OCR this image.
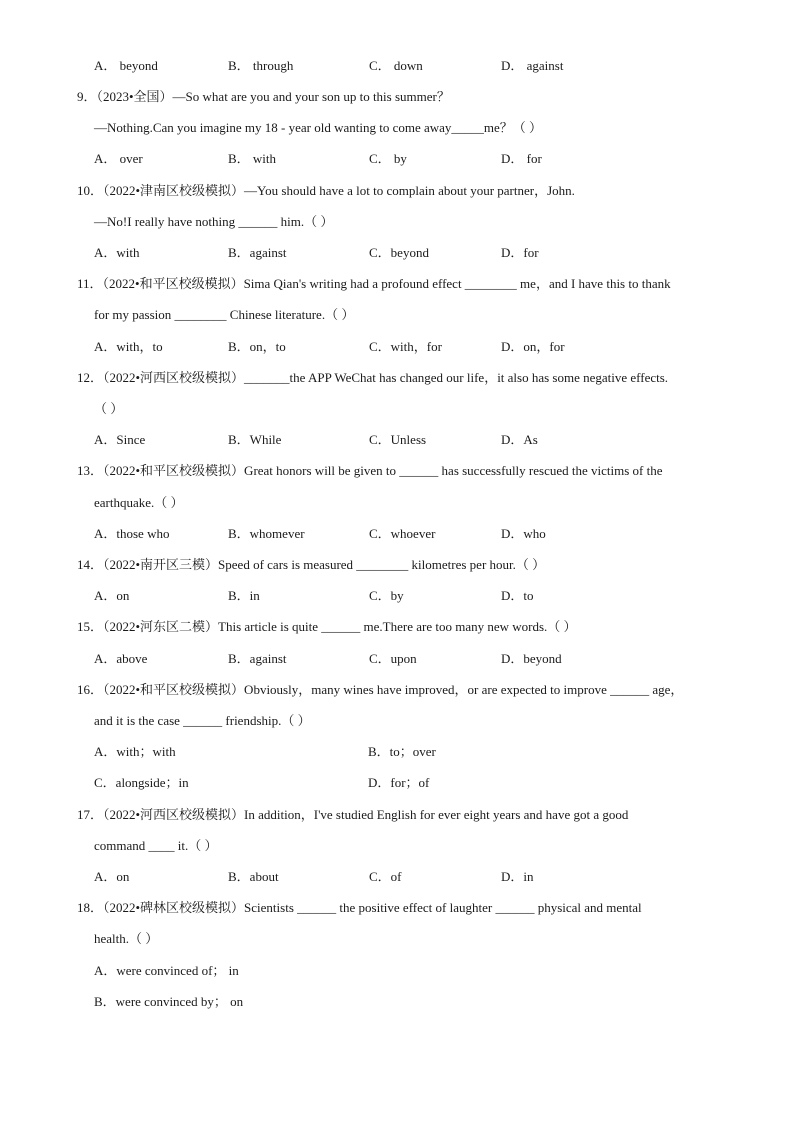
A． beyond	B． through	C． down	D． against
9．（2023•全国）—So what are you and your son up to this summer？
—Nothing.Can you imagine my 18 - year old wanting to come away_____me？（ ）
A． over	B． with	C． by	D． for
10．（2022•津南区校级模拟）—You should have a lot to complain about your partner，John.
—No!I really have nothing ______ him.（ ）
A．with	B．against	C．beyond	D．for
11．（2022•和平区校级模拟）Sima Qian's writing had a profound effect ________ me，and I have this to thank
for my passion ________ Chinese literature.（ ）
A．with，to	B．on，to	C．with，for	D．on，for
12．（2022•河西区校级模拟）_______the APP WeChat has changed our life，it also has some negative effects.
（ ）
A．Since	B．While	C．Unless	D．As
13．（2022•和平区校级模拟）Great honors will be given to ______ has successfully rescued the victims of the
earthquake.（ ）
A．those who	B．whomever	C．whoever	D．who
14．（2022•南开区三模）Speed of cars is measured ________ kilometres per hour.（ ）
A．on	B．in	C．by	D．to
15．（2022•河东区二模）This article is quite ______ me.There are too many new words.（ ）
A．above	B．against	C．upon	D．beyond
16．（2022•和平区校级模拟）Obviously，many wines have improved，or are expected to improve ______ age，
and it is the case ______ friendship.（ ）
A．with；with	B．to；over
C．alongside；in	D．for；of
17．（2022•河西区校级模拟）In addition，I've studied English for ever eight years and have got a good
command ____ it.（ ）
A．on	B．about	C．of	D．in
18．（2022•碑林区校级模拟）Scientists ______ the positive effect of laughter ______ physical and mental
health.（ ）
A．were convinced of； in
B．were convinced by； on
